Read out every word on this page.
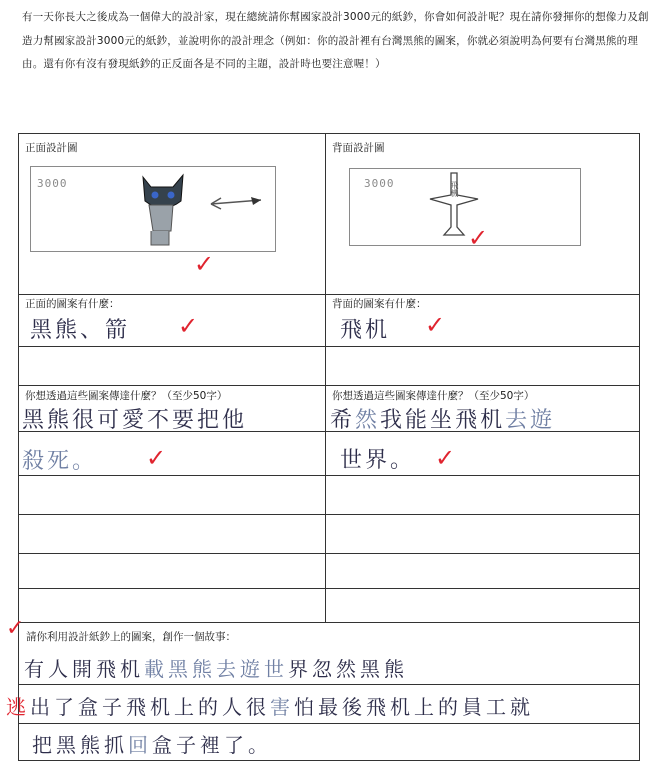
有一天你長大之後成為一個偉大的設計家，現在總統請你幫國家設計3000元的紙鈔，你會如何設計呢？現在請你發揮你的想像力及創造力幫國家設計3000元的紙鈔，並說明你的設計理念（例如：你的設計裡有台灣黑熊的圖案，你就必須說明為何要有台灣黑熊的理由。還有你有沒有發現紙鈔的正反面各是不同的主題，設計時也要注意喔！）
正面設計圖
3000
✓
背面設計圖
3000	飛機
✓
正面的圖案有什麼：
黑熊、箭 ✓
背面的圖案有什麼：
飛机 ✓
你想透過這些圖案傳達什麼？（至少50字）
黑熊很可愛不要把他
殺死。 ✓
你想透過這些圖案傳達什麼？（至少50字）
希然我能坐飛机去遊
世界。 ✓
✓ 請你利用設計紙鈔上的圖案，創作一個故事：
有人開飛机載黑熊去遊世界忽然黑熊
逃出了盒子飛机上的人很害怕最後飛机上的員工就
把黑熊抓回盒子裡了。
